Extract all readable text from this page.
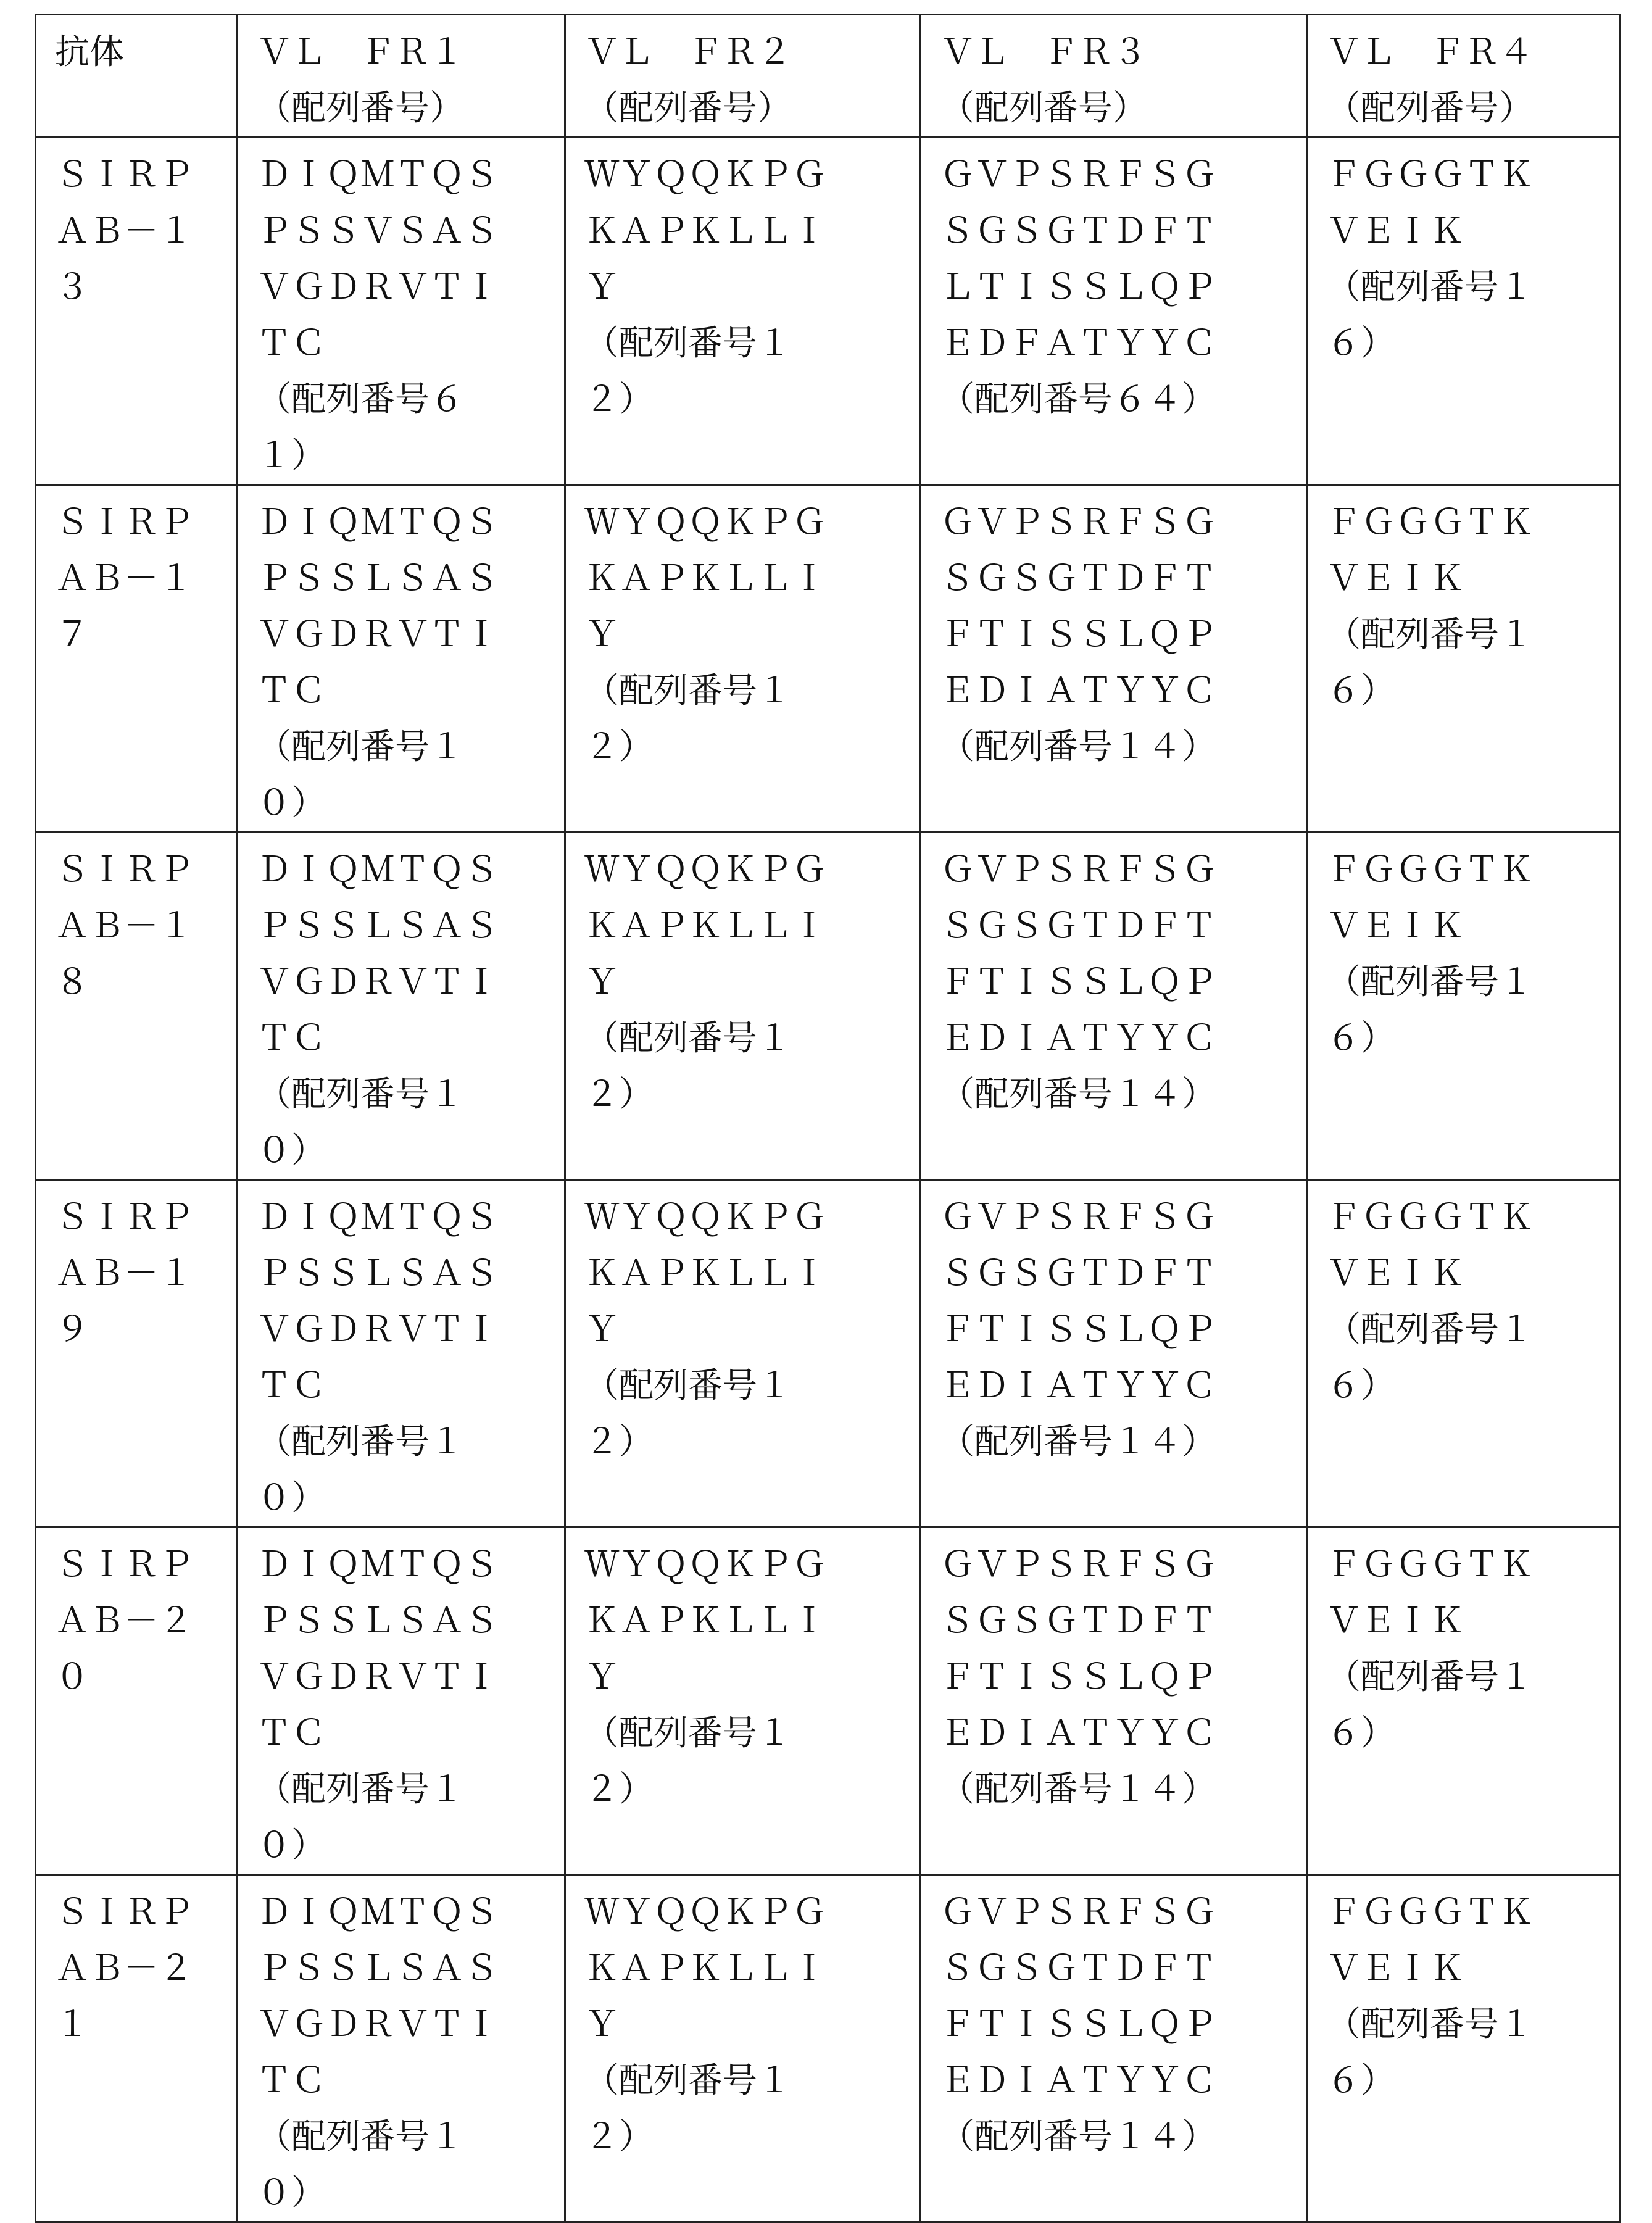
抗体	ＶＬ　ＦＲ１
（配列番号）

ＶＬ　ＦＲ２
（配列番号）

ＶＬ　ＦＲ３
（配列番号）

ＶＬ　ＦＲ４
（配列番号）

ＳＩＲＰ
ＡＢ－１
３

ＤＩＱＭＴＱＳ
ＰＳＳＶＳＡＳ
ＶＧＤＲＶＴＩ
ＴＣ
（配列番号６
１）

ＷＹＱＱＫＰＧ
ＫＡＰＫＬＬＩ
Ｙ
（配列番号１
２）

ＧＶＰＳＲＦＳＧ
ＳＧＳＧＴＤＦＴ
ＬＴＩＳＳＬＱＰ
ＥＤＦＡＴＹＹＣ
（配列番号６４）

ＦＧＧＧＴＫ
ＶＥＩＫ
（配列番号１
６）

ＳＩＲＰ
ＡＢ－１
７

ＤＩＱＭＴＱＳ
ＰＳＳＬＳＡＳ
ＶＧＤＲＶＴＩ
ＴＣ
（配列番号１
０）

ＷＹＱＱＫＰＧ
ＫＡＰＫＬＬＩ
Ｙ
（配列番号１
２）

ＧＶＰＳＲＦＳＧ
ＳＧＳＧＴＤＦＴ
ＦＴＩＳＳＬＱＰ
ＥＤＩＡＴＹＹＣ
（配列番号１４）

ＦＧＧＧＴＫ
ＶＥＩＫ
（配列番号１
６）

ＳＩＲＰ
ＡＢ－１
８

ＤＩＱＭＴＱＳ
ＰＳＳＬＳＡＳ
ＶＧＤＲＶＴＩ
ＴＣ
（配列番号１
０）

ＷＹＱＱＫＰＧ
ＫＡＰＫＬＬＩ
Ｙ
（配列番号１
２）

ＧＶＰＳＲＦＳＧ
ＳＧＳＧＴＤＦＴ
ＦＴＩＳＳＬＱＰ
ＥＤＩＡＴＹＹＣ
（配列番号１４）

ＦＧＧＧＴＫ
ＶＥＩＫ
（配列番号１
６）

ＳＩＲＰ
ＡＢ－１
９

ＤＩＱＭＴＱＳ
ＰＳＳＬＳＡＳ
ＶＧＤＲＶＴＩ
ＴＣ
（配列番号１
０）

ＷＹＱＱＫＰＧ
ＫＡＰＫＬＬＩ
Ｙ
（配列番号１
２）

ＧＶＰＳＲＦＳＧ
ＳＧＳＧＴＤＦＴ
ＦＴＩＳＳＬＱＰ
ＥＤＩＡＴＹＹＣ
（配列番号１４）

ＦＧＧＧＴＫ
ＶＥＩＫ
（配列番号１
６）

ＳＩＲＰ
ＡＢ－２
０

ＤＩＱＭＴＱＳ
ＰＳＳＬＳＡＳ
ＶＧＤＲＶＴＩ
ＴＣ
（配列番号１
０）

ＷＹＱＱＫＰＧ
ＫＡＰＫＬＬＩ
Ｙ
（配列番号１
２）

ＧＶＰＳＲＦＳＧ
ＳＧＳＧＴＤＦＴ
ＦＴＩＳＳＬＱＰ
ＥＤＩＡＴＹＹＣ
（配列番号１４）

ＦＧＧＧＴＫ
ＶＥＩＫ
（配列番号１
６）

ＳＩＲＰ
ＡＢ－２
１

ＤＩＱＭＴＱＳ
ＰＳＳＬＳＡＳ
ＶＧＤＲＶＴＩ
ＴＣ
（配列番号１
０）

ＷＹＱＱＫＰＧ
ＫＡＰＫＬＬＩ
Ｙ
（配列番号１
２）

ＧＶＰＳＲＦＳＧ
ＳＧＳＧＴＤＦＴ
ＦＴＩＳＳＬＱＰ
ＥＤＩＡＴＹＹＣ
（配列番号１４）

ＦＧＧＧＴＫ
ＶＥＩＫ
（配列番号１
６）
